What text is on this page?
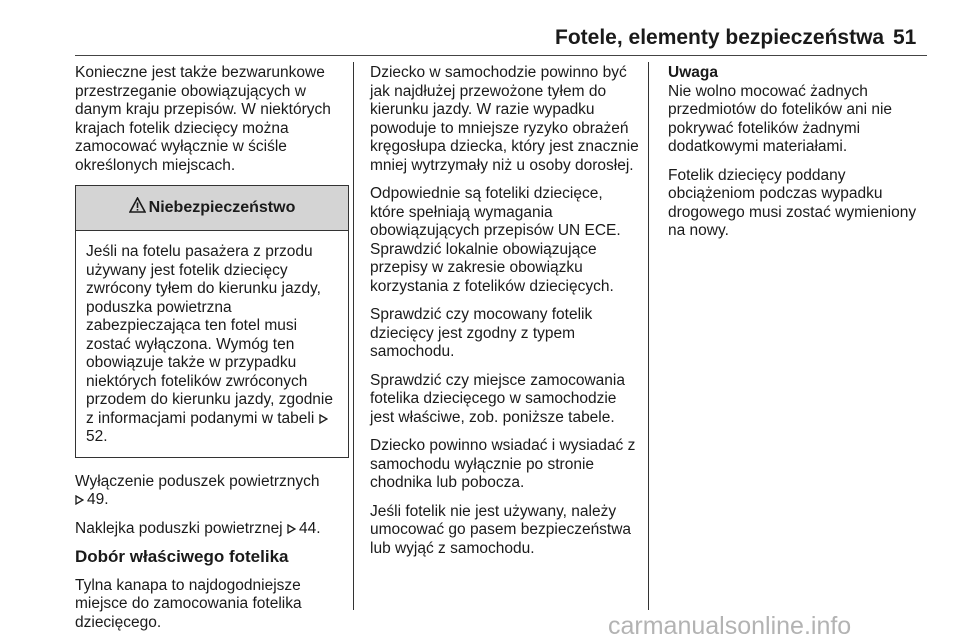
Fotele, elementy bezpieczeństwa 51

Konieczne jest także bezwarunkowe przestrzeganie obowiązujących w danym kraju przepisów. W niektórych krajach fotelik dziecięcy można zamocować wyłącznie w ściśle określonych miejscach.

Niebezpieczeństwo
Jeśli na fotelu pasażera z przodu używany jest fotelik dziecięcy zwrócony tyłem do kierunku jazdy, poduszka powietrzna zabezpieczająca ten fotel musi zostać wyłączona. Wymóg ten obowiązuje także w przypadku niektórych fotelików zwróconych przodem do kierunku jazdy, zgodnie z informacjami podanymi w tabeli 52.

Wyłączenie poduszek powietrznych
49.

Naklejka poduszki powietrznej 44.

Dobór właściwego fotelika

Tylna kanapa to najdogodniejsze miejsce do zamocowania fotelika dziecięcego.

Dziecko w samochodzie powinno być jak najdłużej przewożone tyłem do kierunku jazdy. W razie wypadku powoduje to mniejsze ryzyko obrażeń kręgosłupa dziecka, który jest znacznie mniej wytrzymały niż u osoby dorosłej.

Odpowiednie są foteliki dziecięce, które spełniają wymagania obowiązujących przepisów UN ECE. Sprawdzić lokalnie obowiązujące przepisy w zakresie obowiązku korzystania z fotelików dziecięcych.

Sprawdzić czy mocowany fotelik dziecięcy jest zgodny z typem samochodu.

Sprawdzić czy miejsce zamocowania fotelika dziecięcego w samochodzie jest właściwe, zob. poniższe tabele.

Dziecko powinno wsiadać i wysiadać z samochodu wyłącznie po stronie chodnika lub pobocza.

Jeśli fotelik nie jest używany, należy umocować go pasem bezpieczeństwa lub wyjąć z samochodu.

Uwaga

Nie wolno mocować żadnych przedmiotów do fotelików ani nie pokrywać fotelików żadnymi dodatkowymi materiałami.

Fotelik dziecięcy poddany obciążeniom podczas wypadku drogowego musi zostać wymieniony na nowy.

carmanualsonline.info
